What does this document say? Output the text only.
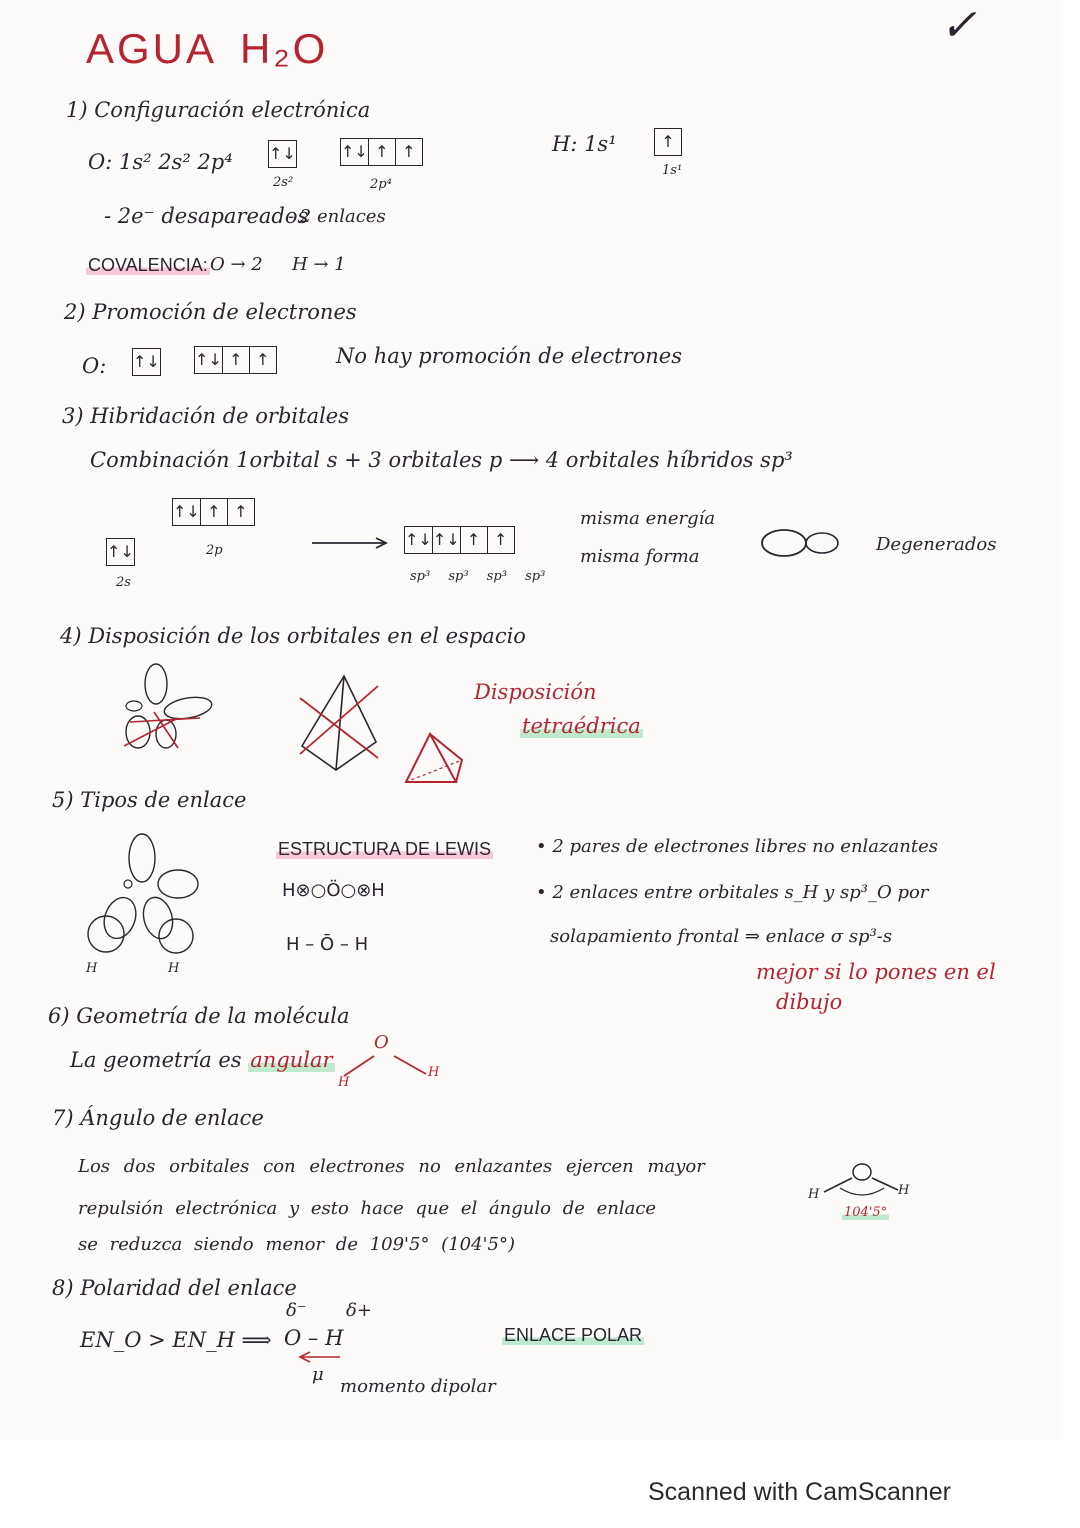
AGUA H₂O	✓
1) Configuración electrónica
O: 1s² 2s² 2p⁴ ↑↓
2s²
↑↓ ↑ ↑
2p⁴
H: 1s¹	↑
1s¹
- 2e⁻ desapareados
- 2 enlaces
COVALENCIA: O → 2 H → 1
2) Promoción de electrones
O: ↑↓ ↑↓ ↑ ↑	No hay promoción de electrones
3) Hibridación de orbitales
Combinación 1orbital s + 3 orbitales p ⟶ 4 orbitales híbridos sp³
↑↓ ↑ ↑
2p
↑↓
2s
↑↓ ↑↓ ↑ ↑
sp³ sp³ sp³ sp³
misma energía
misma forma
Degenerados
4) Disposición de los orbitales en el espacio
Disposición
tetraédrica
5) Tipos de enlace
H	H
ESTRUCTURA DE LEWIS
H⊗○Ö○⊗H
H – Ō – H
• 2 pares de electrones libres no enlazantes
• 2 enlaces entre orbitales s_H y sp³_O por
solapamiento frontal ⇒ enlace σ sp³-s
mejor si lo pones en el
dibujo
6) Geometría de la molécula
La geometría es angular
O
H
H
7) Ángulo de enlace
Los dos orbitales con electrones no enlazantes ejercen mayor
repulsión electrónica y esto hace que el ángulo de enlace
se reduzca siendo menor de 109'5° (104'5°)
H	H
104'5°
8) Polaridad del enlace
EN_O > EN_H ⟹
δ⁻ δ+
O – H
μ
momento dipolar
ENLACE POLAR
Scanned with CamScanner
